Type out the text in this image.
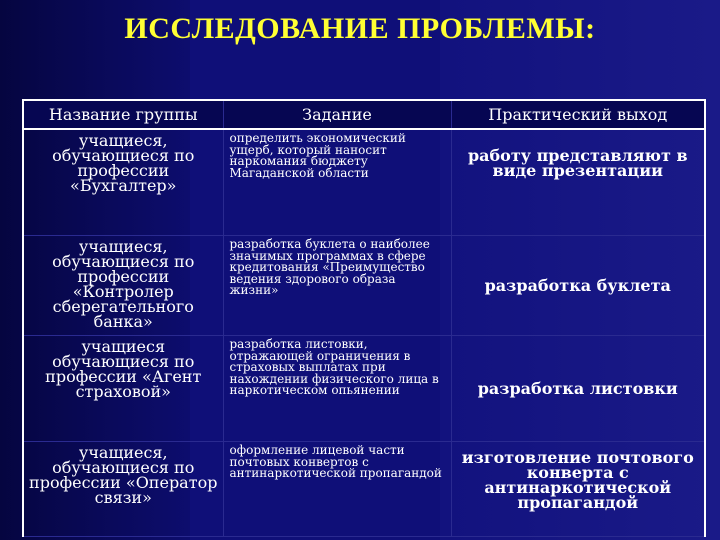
ИССЛЕДОВАНИЕ ПРОБЛЕМЫ:
Название группы	Задание	Практический выход
учащиеся, обучающиеся по профессии «Бухгалтер»	определить экономический ущерб, который наносит наркомания бюджету Магаданской области	работу представляют в виде презентации
учащиеся, обучающиеся по профессии «Контролер сберегательного банка»	разработка буклета о наиболее значимых программах в сфере кредитования «Преимущество ведения здорового образа жизни»	разработка буклета
учащиеся обучающиеся по профессии «Агент страховой»	разработка листовки, отражающей ограничения в страховых выплатах при нахождении физического лица в наркотическом опьянении	разработка листовки
учащиеся, обучающиеся по профессии «Оператор связи»	оформление лицевой части почтовых конвертов с антинаркотической пропагандой	изготовление почтового конверта с антинаркотической пропагандой
